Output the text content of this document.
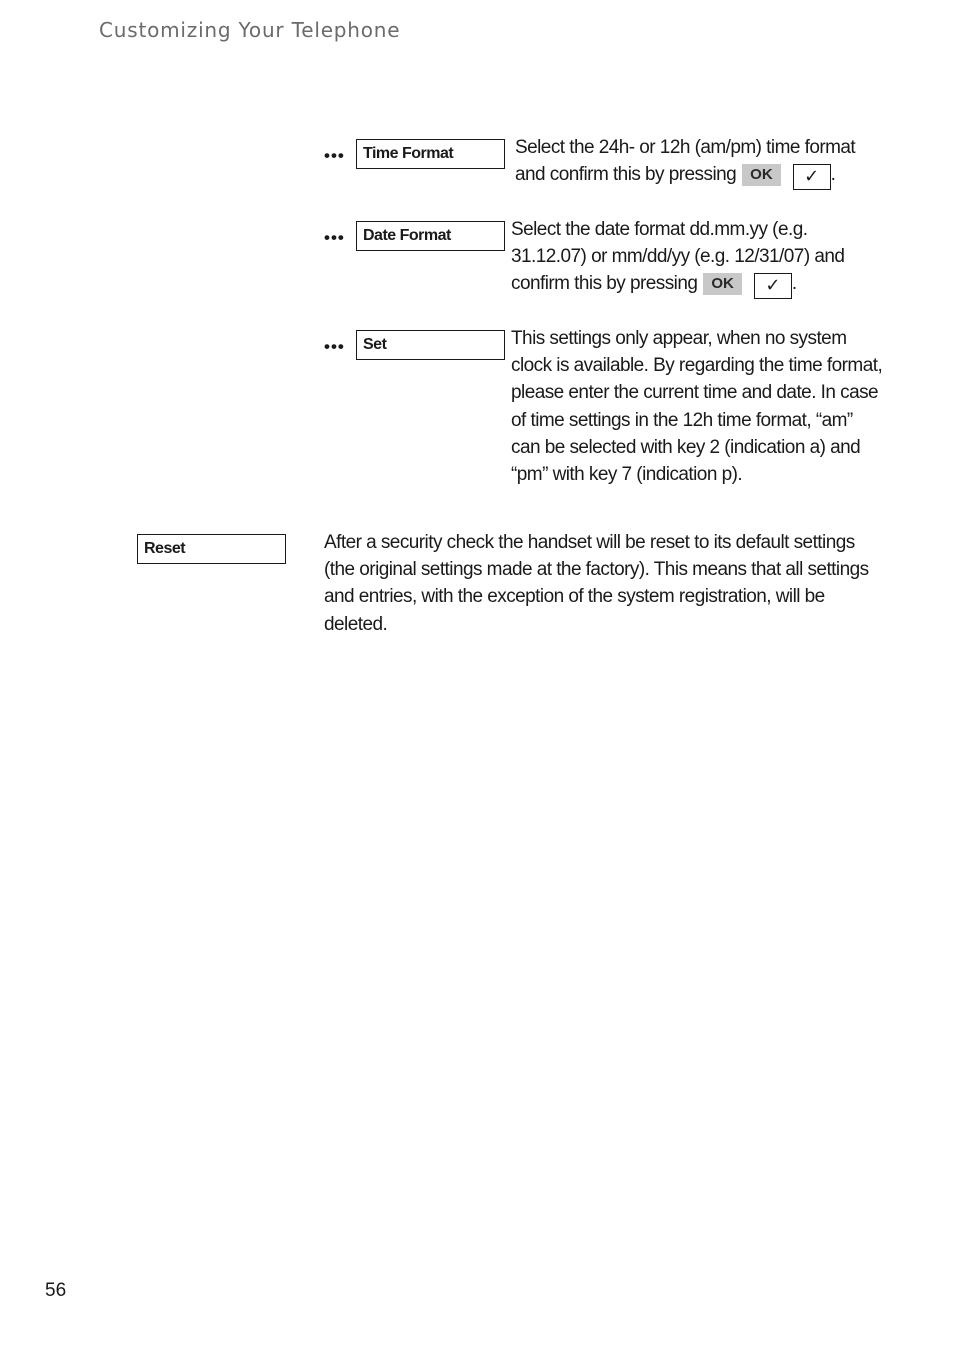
Customizing Your Telephone
•••	Time Format	Select the 24h- or 12h (am/pm) time format and confirm this by pressing OK ✓ .
•••	Date Format	Select the date format dd.mm.yy (e.g. 31.12.07) or mm/dd/yy (e.g. 12/31/07) and confirm this by pressing OK ✓ .
•••	Set	This settings only appear, when no system clock is available. By regarding the time format, please enter the current time and date. In case of time settings in the 12h time format, “am” can be selected with key 2 (indication a) and “pm” with key 7 (indication p).
Reset	After a security check the handset will be reset to its default settings (the original settings made at the factory). This means that all settings and entries, with the exception of the system registration, will be deleted.
56
